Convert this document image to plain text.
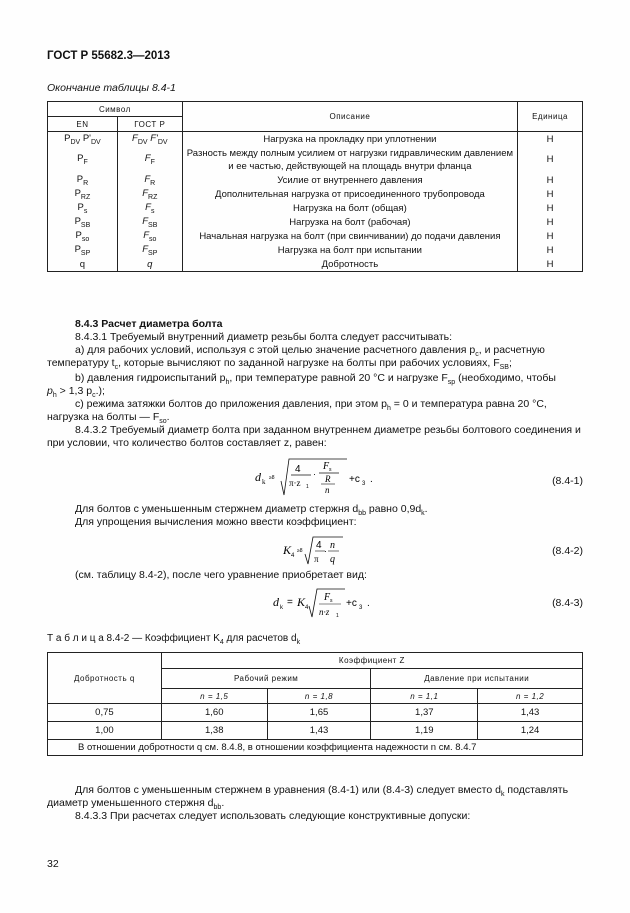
ГОСТ Р 55682.3—2013
Окончание таблицы 8.4-1
Символ		Описание	Единица
EN	ГОСТ Р		
$P_{DV}$ $P'_{DV}$	$F_{DV}$ $F'_{DV}$	Нагрузка на прокладку при уплотнении	Н
$P_F$	$F_F$	Разность между полным усилием от нагрузки гидравлическим давлением и ее частью, действующей на площадь внутри фланца	Н
$P_R$	$F_R$	Усилие от внутреннего давления	Н
$P_{RZ}$	$F_{RZ}$	Дополнительная нагрузка от присоединенного трубопровода	Н
$P_s$	$F_s$	Нагрузка на болт (общая)	Н
$P_{SB}$	$F_{SB}$	Нагрузка на болт (рабочая)	Н
$P_{so}$	$F_{so}$	Начальная нагрузка на болт (при свинчивании) до подачи давления	Н
$P_{SP}$	$F_{SP}$	Нагрузка на болт при испытании	Н
q	q	Добротность	Н
8.4.3 Расчет диаметра болта
8.4.3.1 Требуемый внутренний диаметр резьбы болта следует рассчитывать:
а) для рабочих условий, используя с этой целью значение расчетного давления $p_c$, и расчетную
температуру $t_c$, которые вычисляют по заданной нагрузке на болты при рабочих условиях, $F_{SB}$;
b) давления гидроиспытаний $p_h$, при температуре равной 20 °С и нагрузке $F_{sp}$ (необходимо, чтобы
$p_h > 1,3$ $p_c$.);
c) режима затяжки болтов до приложения давления, при этом $p_h = 0$ и температура равна 20 °С,
нагрузка на болты — $F_{so}$.
8.4.3.2 Требуемый диаметр болта при заданном внутреннем диаметре резьбы болтового соединения и
при условии, что количество болтов составляет z, равен:
d k ≥8
4
π·z 1
·
F s
R
n
+c 3 .	(8.4-1)
Для болтов с уменьшенным стержнем диаметр стержня $d_{bb}$ равно $0,9d_k$.
Для упрощения вычисления можно ввести коэффициент:
K 4
≥8 4
π
· n
q
(8.4-2)
(см. таблицу 8.4-2), после чего уравнение приобретает вид:
d k = K 4
F s
n·z 1
+c 3 .	(8.4-3)
Т а б л и ц а 8.4-2 — Коэффициент $K_4$ для расчетов $d_k$
Добротность q	Коэффициент Z			
	Рабочий режим		Давление при испытании	
	n = 1,5	n = 1,8	n = 1,1	n = 1,2
0,75	1,60	1,65	1,37	1,43
1,00	1,38	1,43	1,19	1,24
В отношении добротности q см. 8.4.8, в отношении коэффициента надежности n см. 8.4.7				
Для болтов с уменьшенным стержнем в уравнения (8.4-1) или (8.4-3) следует вместо $d_k$ подставлять
диаметр уменьшенного стержня $d_{bb}$.
8.4.3.3 При расчетах следует использовать следующие конструктивные допуски:
32
